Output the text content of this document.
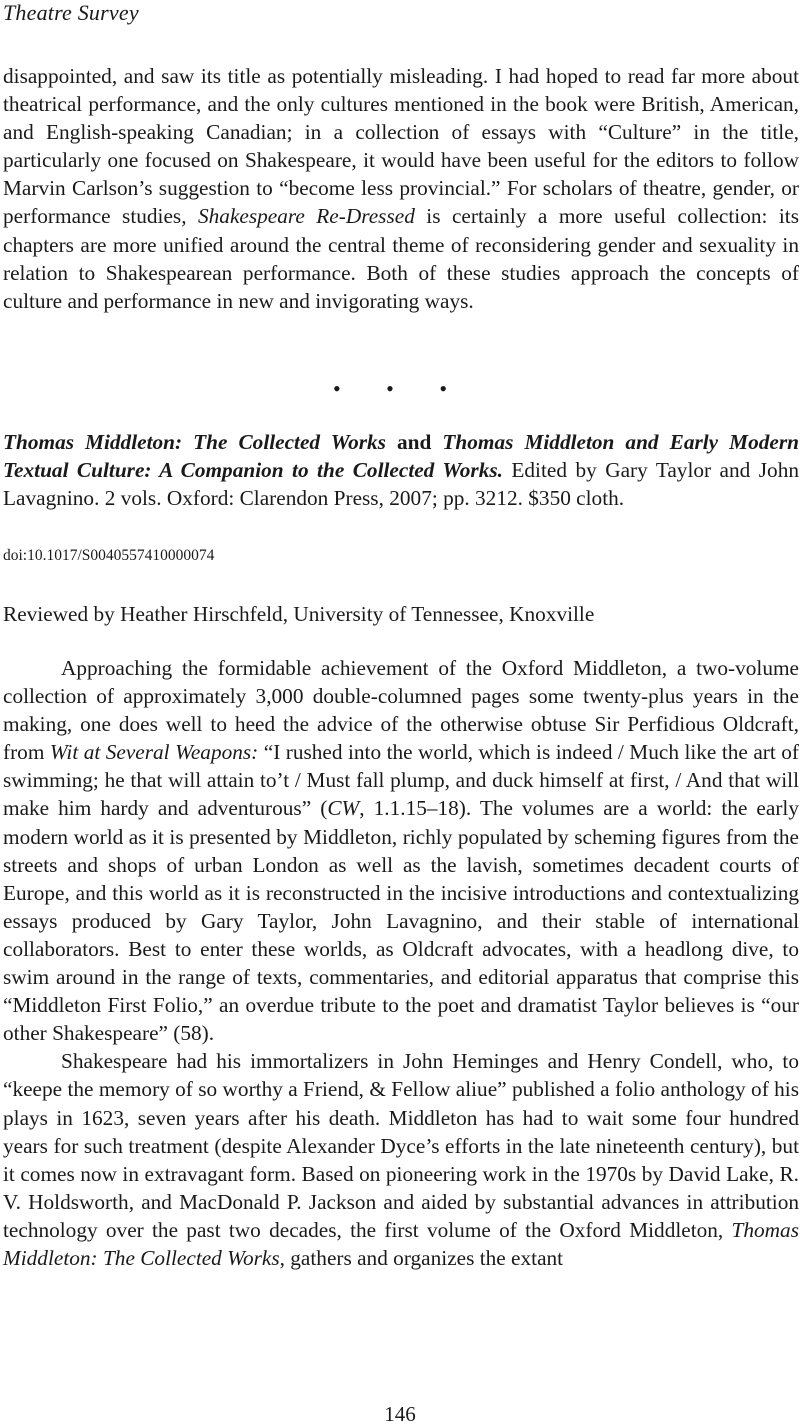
Theatre Survey

disappointed, and saw its title as potentially misleading. I had hoped to read far more about theatrical performance, and the only cultures mentioned in the book were British, American, and English-speaking Canadian; in a collection of essays with “Culture” in the title, particularly one focused on Shakespeare, it would have been useful for the editors to follow Marvin Carlson’s suggestion to “become less provincial.” For scholars of theatre, gender, or performance studies, Shakespeare Re-Dressed is certainly a more useful collection: its chapters are more unified around the central theme of reconsidering gender and sexuality in relation to Shakespearean performance. Both of these studies approach the concepts of culture and performance in new and invigorating ways.

• • •
Thomas Middleton: The Collected Works and Thomas Middleton and Early Modern Textual Culture: A Companion to the Collected Works. Edited by Gary Taylor and John Lavagnino. 2 vols. Oxford: Clarendon Press, 2007; pp. 3212. $350 cloth.
doi:10.1017/S0040557410000074
Reviewed by Heather Hirschfeld, University of Tennessee, Knoxville

Approaching the formidable achievement of the Oxford Middleton, a two-volume collection of approximately 3,000 double-columned pages some twenty-plus years in the making, one does well to heed the advice of the otherwise obtuse Sir Perfidious Oldcraft, from Wit at Several Weapons: “I rushed into the world, which is indeed / Much like the art of swimming; he that will attain to’t / Must fall plump, and duck himself at first, / And that will make him hardy and adventurous” (CW, 1.1.15–18). The volumes are a world: the early modern world as it is presented by Middleton, richly populated by scheming figures from the streets and shops of urban London as well as the lavish, sometimes decadent courts of Europe, and this world as it is reconstructed in the incisive introductions and contextualizing essays produced by Gary Taylor, John Lavagnino, and their stable of international collaborators. Best to enter these worlds, as Oldcraft advocates, with a headlong dive, to swim around in the range of texts, commentaries, and editorial apparatus that comprise this “Middleton First Folio,” an overdue tribute to the poet and dramatist Taylor believes is “our other Shakespeare” (58).

Shakespeare had his immortalizers in John Heminges and Henry Condell, who, to “keepe the memory of so worthy a Friend, & Fellow aliue” published a folio anthology of his plays in 1623, seven years after his death. Middleton has had to wait some four hundred years for such treatment (despite Alexander Dyce’s efforts in the late nineteenth century), but it comes now in extravagant form. Based on pioneering work in the 1970s by David Lake, R. V. Holdsworth, and MacDonald P. Jackson and aided by substantial advances in attribution technology over the past two decades, the first volume of the Oxford Middleton, Thomas Middleton: The Collected Works, gathers and organizes the extant

146
